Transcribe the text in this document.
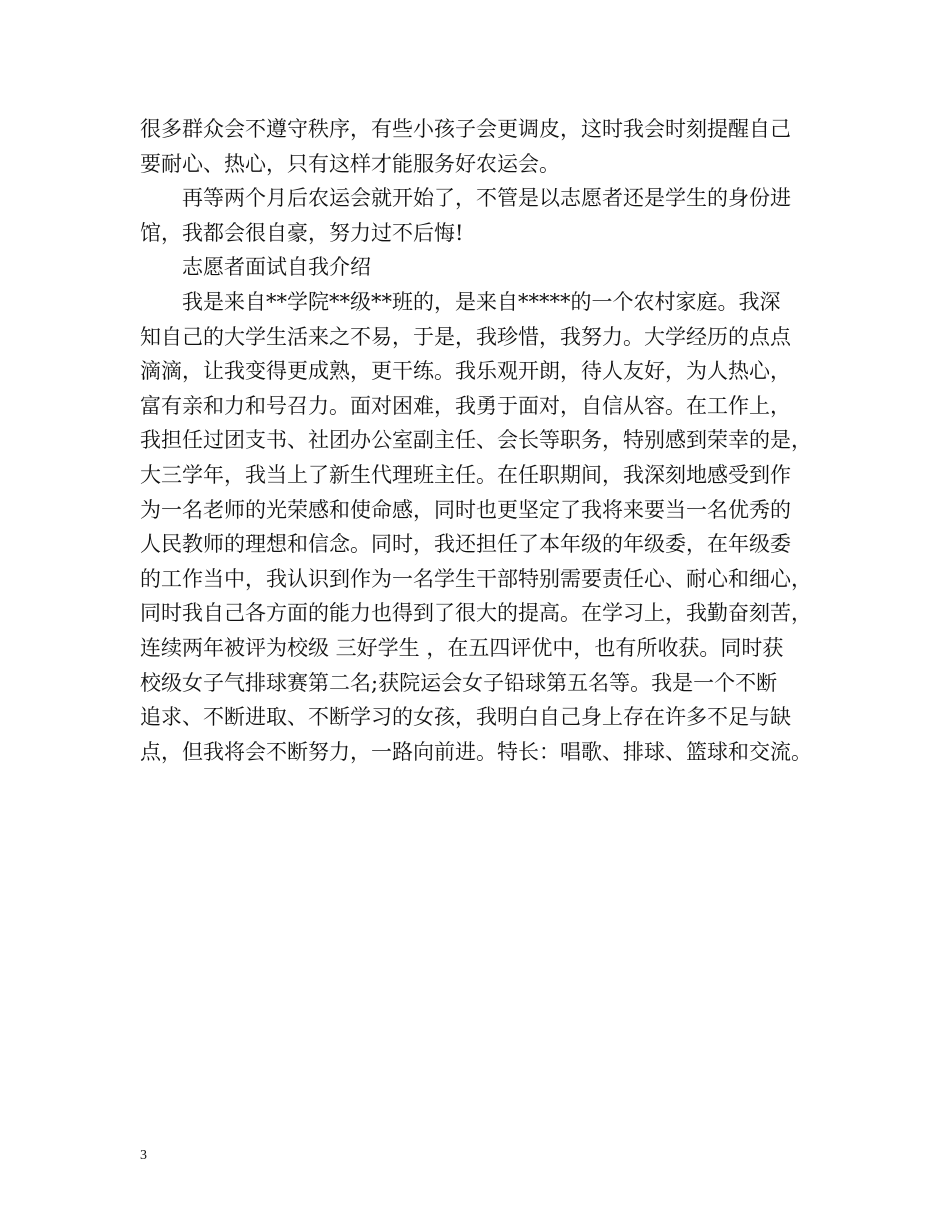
很多群众会不遵守秩序，有些小孩子会更调皮，这时我会时刻提醒自己
要耐心、热心，只有这样才能服务好农运会。
再等两个月后农运会就开始了，不管是以志愿者还是学生的身份进
馆，我都会很自豪，努力过不后悔!
志愿者面试自我介绍
我是来自**学院**级**班的，是来自*****的一个农村家庭。我深
知自己的大学生活来之不易，于是，我珍惜，我努力。大学经历的点点
滴滴，让我变得更成熟，更干练。我乐观开朗，待人友好，为人热心，
富有亲和力和号召力。面对困难，我勇于面对，自信从容。在工作上，
我担任过团支书、社团办公室副主任、会长等职务，特别感到荣幸的是，
大三学年，我当上了新生代理班主任。在任职期间，我深刻地感受到作
为一名老师的光荣感和使命感，同时也更坚定了我将来要当一名优秀的
人民教师的理想和信念。同时，我还担任了本年级的年级委，在年级委
的工作当中，我认识到作为一名学生干部特别需要责任心、耐心和细心，
同时我自己各方面的能力也得到了很大的提高。在学习上，我勤奋刻苦，
连续两年被评为校级 三好学生 ，在五四评优中，也有所收获。同时获
校级女子气排球赛第二名;获院运会女子铅球第五名等。我是一个不断
追求、不断进取、不断学习的女孩，我明白自己身上存在许多不足与缺
点，但我将会不断努力，一路向前进。特长：唱歌、排球、篮球和交流。
3
